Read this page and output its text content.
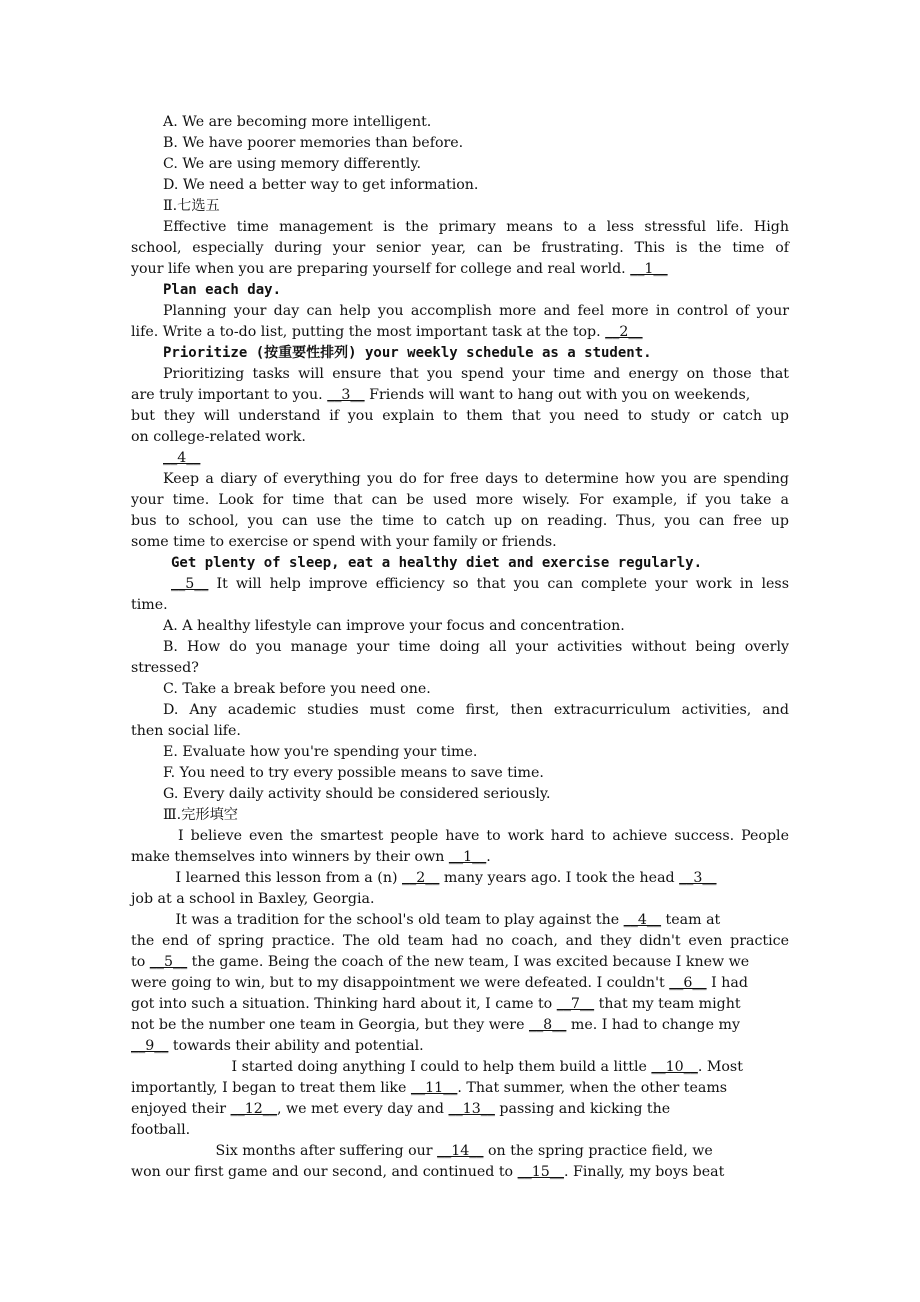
A. We are becoming more intelligent.
B. We have poorer memories than before.
C. We are using memory differently.
D. We need a better way to get information.
Ⅱ.七选五
Effective time management is the primary means to a less stressful life. High
school, especially during your senior year, can be frustrating. This is the time of
your life when you are preparing yourself for college and real world. __1__
Plan each day.
Planning your day can help you accomplish more and feel more in control of your
life. Write a to-do list, putting the most important task at the top. __2__
Prioritize (按重要性排列) your weekly schedule as a student.
Prioritizing tasks will ensure that you spend your time and energy on those that
are truly important to you. __3__ Friends will want to hang out with you on weekends,
but they will understand if you explain to them that you need to study or catch up
on college-related work.
__4__
Keep a diary of everything you do for free days to determine how you are spending
your time. Look for time that can be used more wisely. For example, if you take a
bus to school, you can use the time to catch up on reading. Thus, you can free up
some time to exercise or spend with your family or friends.
Get plenty of sleep, eat a healthy diet and exercise regularly.
__5__ It will help improve efficiency so that you can complete your work in less
time.
A. A healthy lifestyle can improve your focus and concentration.
B. How do you manage your time doing all your activities without being overly
stressed?
C. Take a break before you need one.
D. Any academic studies must come first, then extracurriculum activities, and
then social life.
E. Evaluate how you're spending your time.
F. You need to try every possible means to save time.
G. Every daily activity should be considered seriously.
Ⅲ.完形填空
I believe even the smartest people have to work hard to achieve success. People
make themselves into winners by their own __1__.
I learned this lesson from a (n) __2__ many years ago. I took the head __3__
job at a school in Baxley, Georgia.
It was a tradition for the school's old team to play against the __4__ team at
the end of spring practice. The old team had no coach, and they didn't even practice
to __5__ the game. Being the coach of the new team, I was excited because I knew we
were going to win, but to my disappointment we were defeated. I couldn't __6__ I had
got into such a situation. Thinking hard about it, I came to __7__ that my team might
not be the number one team in Georgia, but they were __8__ me. I had to change my
__9__ towards their ability and potential.
I started doing anything I could to help them build a little __10__. Most
importantly, I began to treat them like __11__. That summer, when the other teams
enjoyed their __12__, we met every day and __13__ passing and kicking the
football.
Six months after suffering our __14__ on the spring practice field, we
won our first game and our second, and continued to __15__. Finally, my boys beat
